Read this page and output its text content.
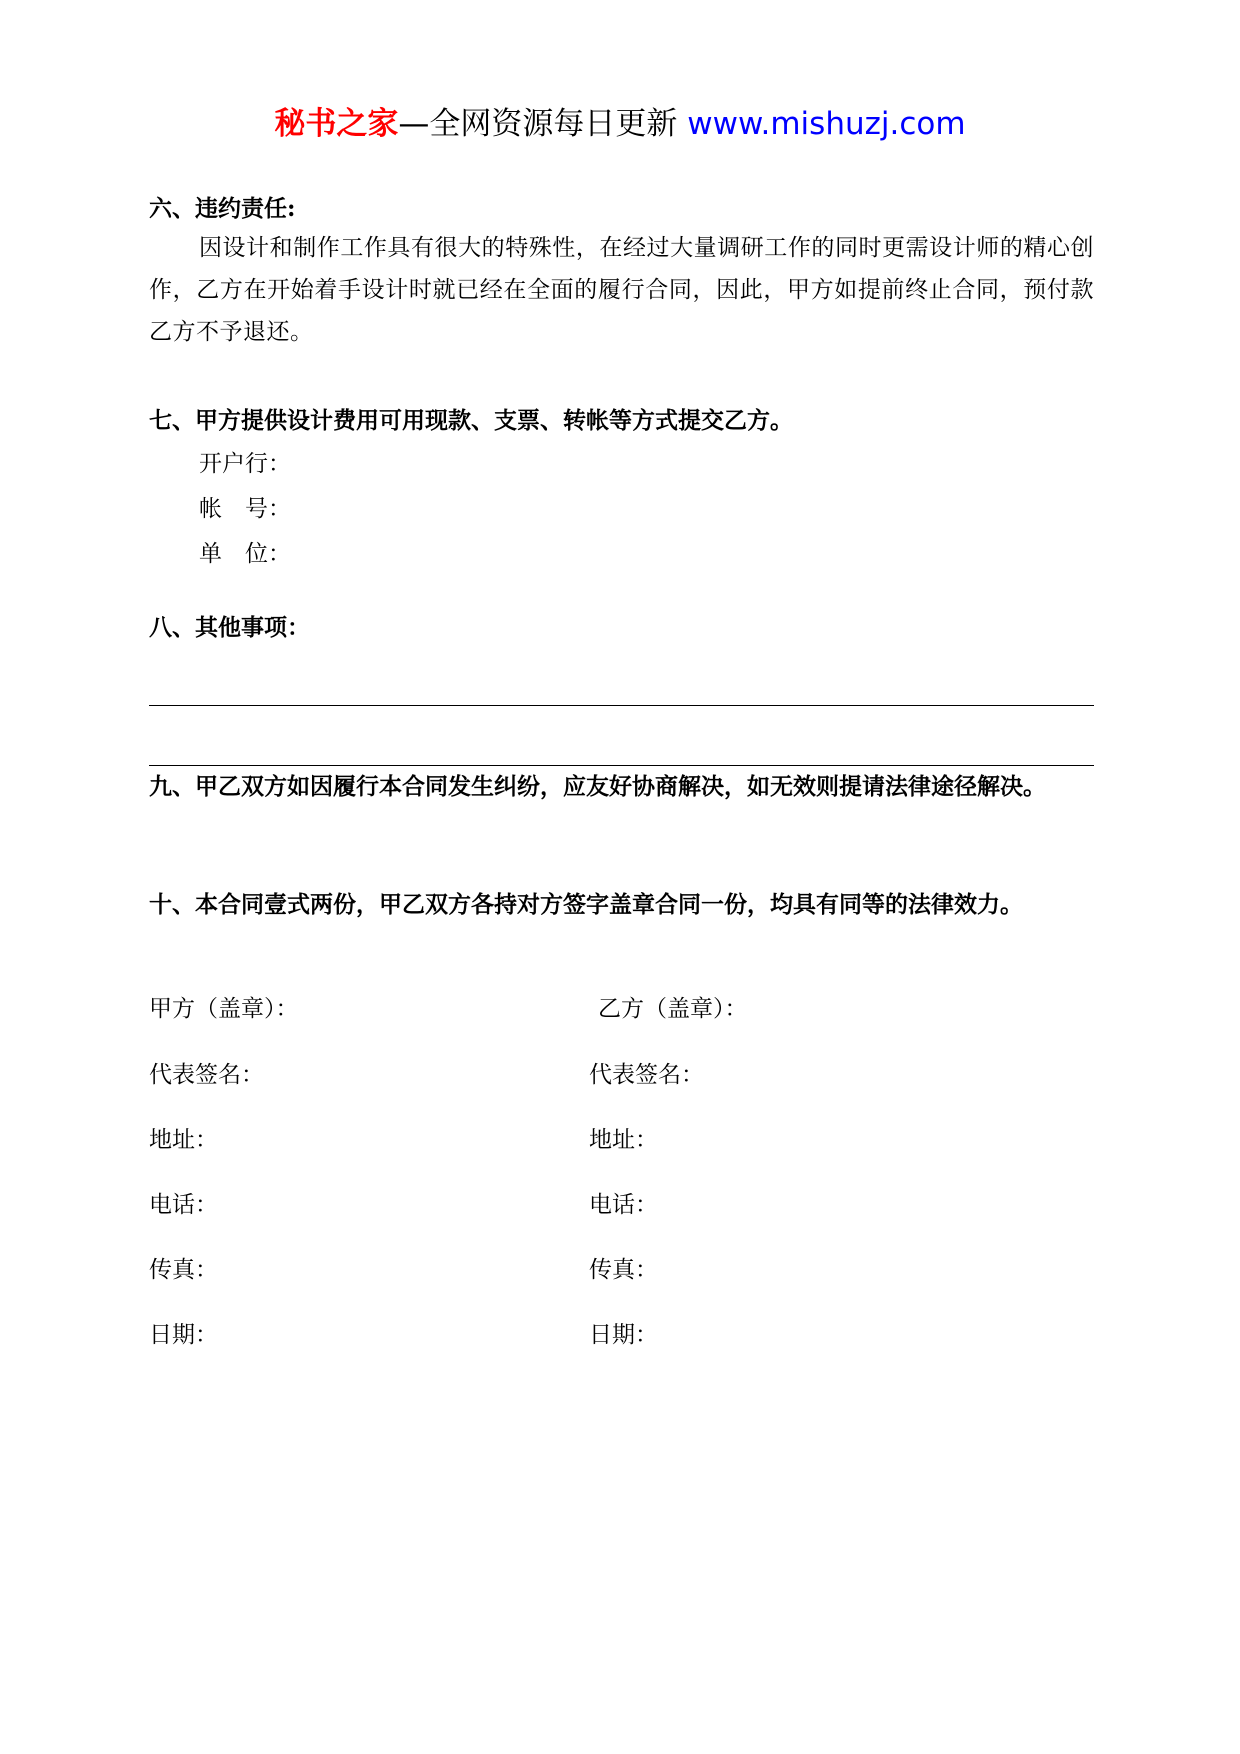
秘书之家—全网资源每日更新 www.mishuzj.com
六、违约责任:
因设计和制作工作具有很大的特殊性，在经过大量调研工作的同时更需设计师的精心创作，乙方在开始着手设计时就已经在全面的履行合同，因此，甲方如提前终止合同，预付款乙方不予退还。
七、甲方提供设计费用可用现款、支票、转帐等方式提交乙方。
开户行：
帐　号：
单　位：
八、其他事项：
九、甲乙双方如因履行本合同发生纠纷，应友好协商解决，如无效则提请法律途径解决。
十、本合同壹式两份，甲乙双方各持对方签字盖章合同一份，均具有同等的法律效力。
甲方（盖章）：	乙方（盖章）：
代表签名：	代表签名：
地址：	地址：
电话：	电话：
传真：	传真：
日期：	日期：
